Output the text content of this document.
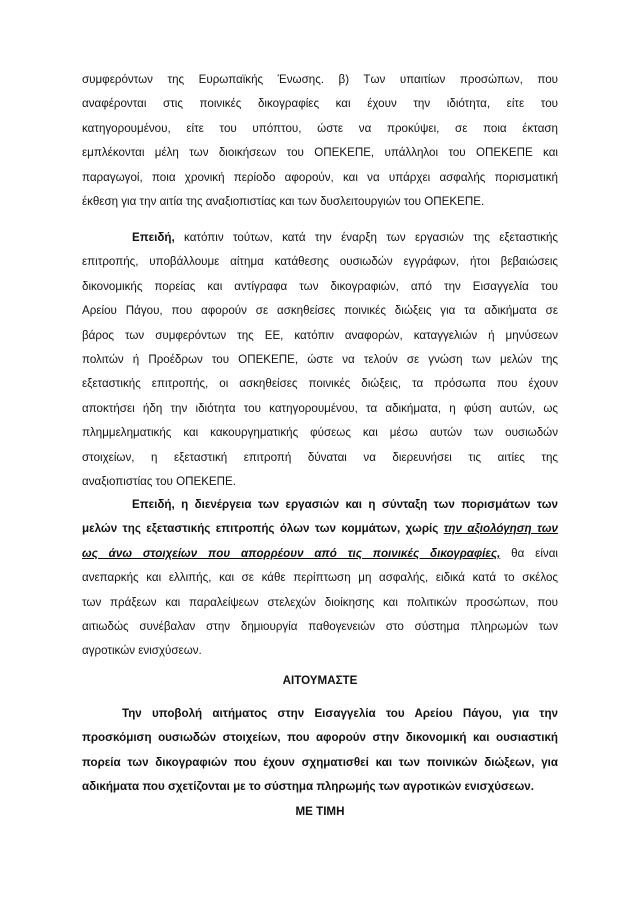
συμφερόντων της Ευρωπαϊκής Ένωσης. β) Των υπαιτίων προσώπων, που
αναφέρονται στις ποινικές δικογραφίες και έχουν την ιδιότητα, είτε του
κατηγορουμένου, είτε του υπόπτου, ώστε να προκύψει, σε ποια έκταση
εμπλέκονται μέλη των διοικήσεων του ΟΠΕΚΕΠΕ, υπάλληλοι του ΟΠΕΚΕΠΕ και
παραγωγοί, ποια χρονική περίοδο αφορούν, και να υπάρχει ασφαλής πορισματική
έκθεση για την αιτία της αναξιοπιστίας και των δυσλειτουργιών του ΟΠΕΚΕΠΕ.
Επειδή, κατόπιν τούτων, κατά την έναρξη των εργασιών της εξεταστικής
επιτροπής, υποβάλλουμε αίτημα κατάθεσης ουσιωδών εγγράφων, ήτοι βεβαιώσεις
δικονομικής πορείας και αντίγραφα των δικογραφιών, από την Εισαγγελία του
Αρείου Πάγου, που αφορούν σε ασκηθείσες ποινικές διώξεις για τα αδικήματα σε
βάρος των συμφερόντων της ΕΕ, κατόπιν αναφορών, καταγγελιών ή μηνύσεων
πολιτών ή Προέδρων του ΟΠΕΚΕΠΕ, ώστε να τελούν σε γνώση των μελών της
εξεταστικής επιτροπής, οι ασκηθείσες ποινικές διώξεις, τα πρόσωπα που έχουν
αποκτήσει ήδη την ιδιότητα του κατηγορουμένου, τα αδικήματα, η φύση αυτών, ως
πλημμεληματικής και κακουργηματικής φύσεως και μέσω αυτών των ουσιωδών
στοιχείων, η εξεταστική επιτροπή δύναται να διερευνήσει τις αιτίες της
αναξιοπιστίας του ΟΠΕΚΕΠΕ.
Επειδή, η διενέργεια των εργασιών και η σύνταξη των πορισμάτων των
μελών της εξεταστικής επιτροπής όλων των κομμάτων, χωρίς την αξιολόγηση των
ως άνω στοιχείων που απορρέουν από τις ποινικές δικογραφίες, θα είναι
ανεπαρκής και ελλιπής, και σε κάθε περίπτωση μη ασφαλής, ειδικά κατά το σκέλος
των πράξεων και παραλείψεων στελεχών διοίκησης και πολιτικών προσώπων, που
αιτιωδώς συνέβαλαν στην δημιουργία παθογενειών στο σύστημα πληρωμών των
αγροτικών ενισχύσεων.
ΑΙΤΟΥΜΑΣΤΕ
Την υποβολή αιτήματος στην Εισαγγελία του Αρείου Πάγου, για την
προσκόμιση ουσιωδών στοιχείων, που αφορούν στην δικονομική και ουσιαστική
πορεία των δικογραφιών που έχουν σχηματισθεί και των ποινικών διώξεων, για
αδικήματα που σχετίζονται με το σύστημα πληρωμής των αγροτικών ενισχύσεων.
ΜΕ ΤΙΜΗ
